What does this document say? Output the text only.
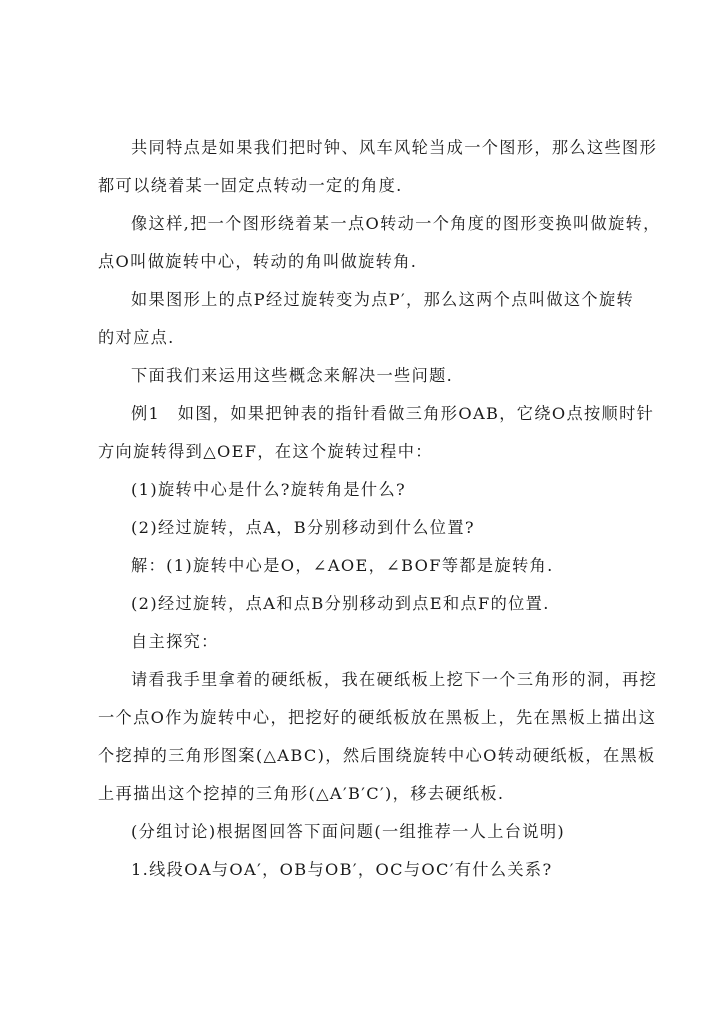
共同特点是如果我们把时钟、风车风轮当成一个图形，那么这些图形
都可以绕着某一固定点转动一定的角度.

像这样,把一个图形绕着某一点O转动一个角度的图形变换叫做旋转，
点O叫做旋转中心，转动的角叫做旋转角.

如果图形上的点P经过旋转变为点P′，那么这两个点叫做这个旋转
的对应点.

下面我们来运用这些概念来解决一些问题.

例1　如图，如果把钟表的指针看做三角形OAB，它绕O点按顺时针
方向旋转得到△OEF，在这个旋转过程中：

(1)旋转中心是什么?旋转角是什么?

(2)经过旋转，点A，B分别移动到什么位置?

解：(1)旋转中心是O，∠AOE，∠BOF等都是旋转角.

(2)经过旋转，点A和点B分别移动到点E和点F的位置.

自主探究：

请看我手里拿着的硬纸板，我在硬纸板上挖下一个三角形的洞，再挖
一个点O作为旋转中心，把挖好的硬纸板放在黑板上，先在黑板上描出这
个挖掉的三角形图案(△ABC)，然后围绕旋转中心O转动硬纸板，在黑板
上再描出这个挖掉的三角形(△A′B′C′)，移去硬纸板.

(分组讨论)根据图回答下面问题(一组推荐一人上台说明)

1.线段OA与OA′，OB与OB′，OC与OC′有什么关系?
